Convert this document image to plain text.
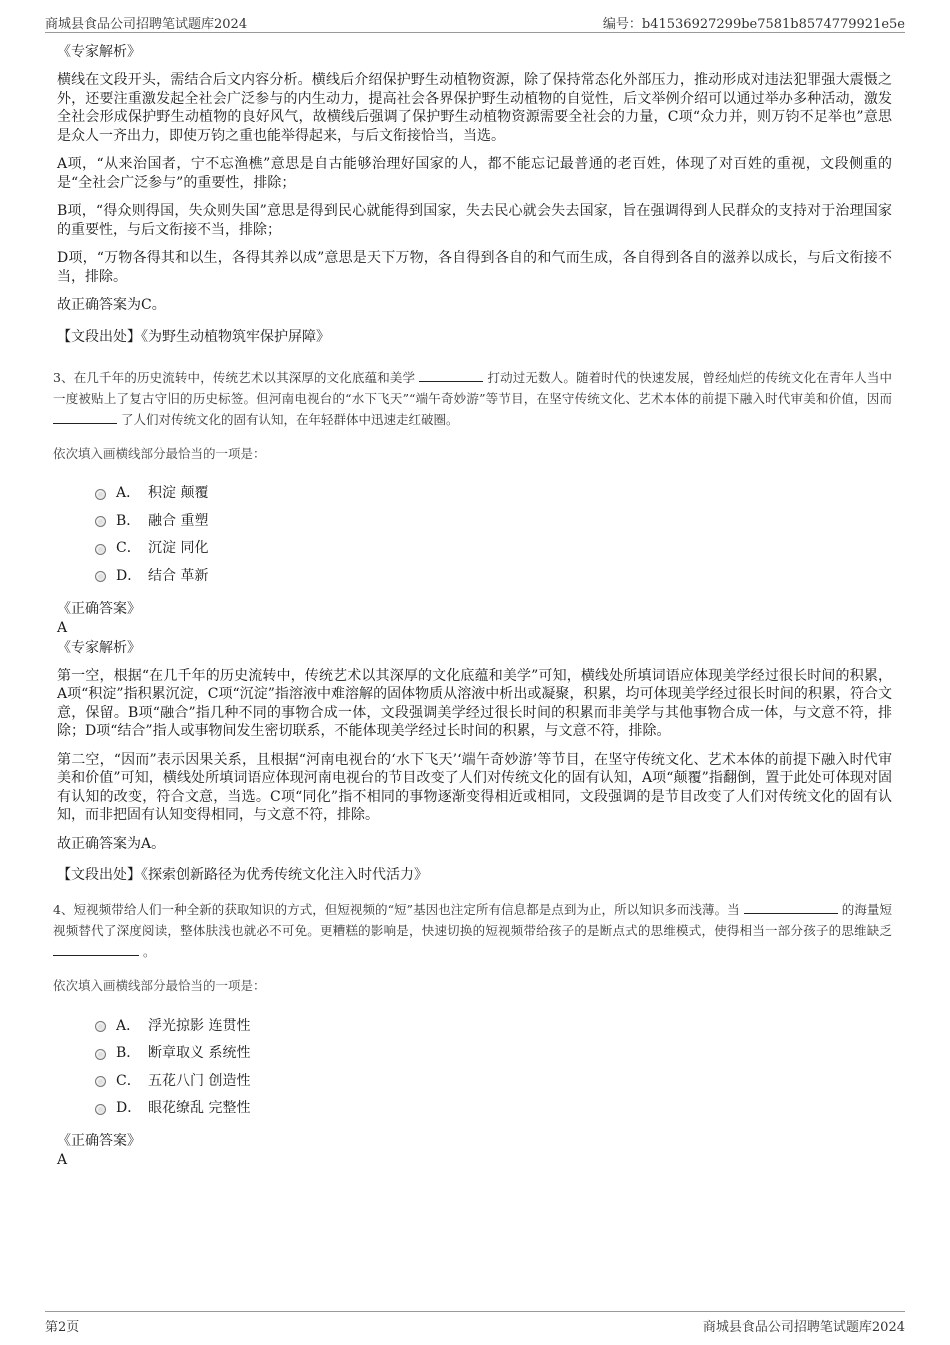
商城县食品公司招聘笔试题库2024	编号：b41536927299be7581b8574779921e5e
《专家解析》

横线在文段开头，需结合后文内容分析。横线后介绍保护野生动植物资源，除了保持常态化外部压力，推动形成对违法犯罪强大震慑之外，还要注重激发起全社会广泛参与的内生动力，提高社会各界保护野生动植物的自觉性，后文举例介绍可以通过举办多种活动，激发全社会形成保护野生动植物的良好风气，故横线后强调了保护野生动植物资源需要全社会的力量，C项“众力并，则万钧不足举也”意思是众人一齐出力，即使万钧之重也能举得起来，与后文衔接恰当，当选。

A项，“从来治国者，宁不忘渔樵”意思是自古能够治理好国家的人，都不能忘记最普通的老百姓，体现了对百姓的重视，文段侧重的是“全社会广泛参与”的重要性，排除；

B项，“得众则得国，失众则失国”意思是得到民心就能得到国家，失去民心就会失去国家，旨在强调得到人民群众的支持对于治理国家的重要性，与后文衔接不当，排除；

D项，“万物各得其和以生，各得其养以成”意思是天下万物，各自得到各自的和气而生成，各自得到各自的滋养以成长，与后文衔接不当，排除。

故正确答案为C。

【文段出处】《为野生动植物筑牢保护屏障》
3、在几千年的历史流转中，传统艺术以其深厚的文化底蕴和美学	打动过无数人。随着时代的快速发展，曾经灿烂的传统文化在青年人当中一度被贴上了复古守旧的历史标签。但河南电视台的“水下飞天”“端午奇妙游”等节目，在坚守传统文化、艺术本体的前提下融入时代审美和价值，因而  了人们对传统文化的固有认知，在年轻群体中迅速走红破圈。
依次填入画横线部分最恰当的一项是：
A． 积淀 颠覆
B． 融合 重塑
C． 沉淀 同化
D． 结合 革新
《正确答案》
A
《专家解析》

第一空，根据“在几千年的历史流转中，传统艺术以其深厚的文化底蕴和美学”可知，横线处所填词语应体现美学经过很长时间的积累，A项“积淀”指积累沉淀，C项“沉淀”指溶液中难溶解的固体物质从溶液中析出或凝聚，积累，均可体现美学经过很长时间的积累，符合文意，保留。B项“融合”指几种不同的事物合成一体，文段强调美学经过很长时间的积累而非美学与其他事物合成一体，与文意不符，排除；D项“结合”指人或事物间发生密切联系，不能体现美学经过长时间的积累，与文意不符，排除。

第二空，“因而”表示因果关系，且根据“河南电视台的‘水下飞天’‘端午奇妙游’等节目，在坚守传统文化、艺术本体的前提下融入时代审美和价值”可知，横线处所填词语应体现河南电视台的节目改变了人们对传统文化的固有认知，A项“颠覆”指翻倒，置于此处可体现对固有认知的改变，符合文意，当选。C项“同化”指不相同的事物逐渐变得相近或相同，文段强调的是节目改变了人们对传统文化的固有认知，而非把固有认知变得相同，与文意不符，排除。

故正确答案为A。

【文段出处】《探索创新路径为优秀传统文化注入时代活力》
4、短视频带给人们一种全新的获取知识的方式，但短视频的“短”基因也注定所有信息都是点到为止，所以知识多而浅薄。当	的海量短视频替代了深度阅读，整体肤浅也就必不可免。更糟糕的影响是，快速切换的短视频带给孩子的是断点式的思维模式，使得相当一部分孩子的思维缺乏  。
依次填入画横线部分最恰当的一项是：
A． 浮光掠影 连贯性
B． 断章取义 系统性
C． 五花八门 创造性
D． 眼花缭乱 完整性
《正确答案》
A
第2页	商城县食品公司招聘笔试题库2024
